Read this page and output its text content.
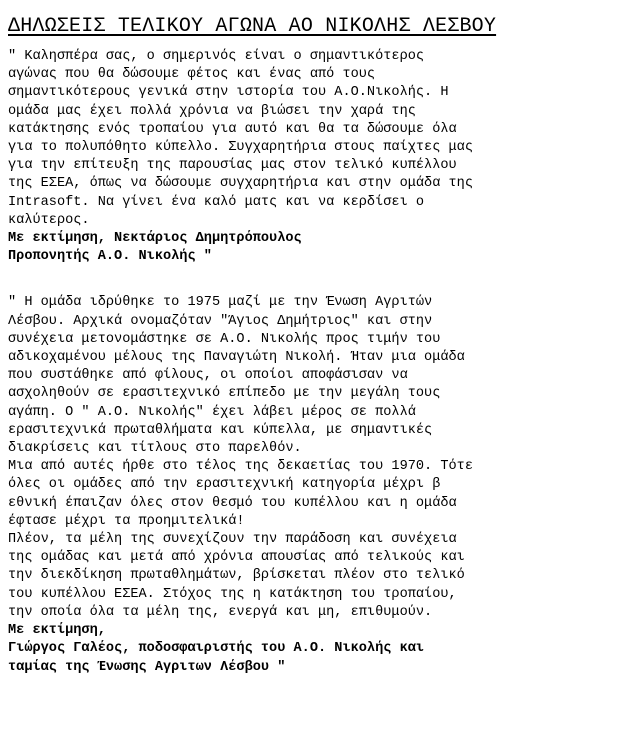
ΔΗΛΩΣΕΙΣ ΤΕΛΙΚΟΥ ΑΓΩΝΑ ΑΟ ΝΙΚΟΛΗΣ ΛΕΣΒΟΥ

" Καλησπέρα σας, ο σημερινός είναι ο σημαντικότερος
αγώνας που θα δώσουμε φέτος και ένας από τους
σημαντικότερους γενικά στην ιστορία του Α.Ο.Νικολής. Η
ομάδα μας έχει πολλά χρόνια να βιώσει την χαρά της
κατάκτησης ενός τροπαίου για αυτό και θα τα δώσουμε όλα
για το πολυπόθητο κύπελλο. Συγχαρητήρια στους παίχτες μας
για την επίτευξη της παρουσίας μας στον τελικό κυπέλλου
της ΕΣΕΑ, όπως να δώσουμε συγχαρητήρια και στην ομάδα της
Intrasoft. Να γίνει ένα καλό ματς και να κερδίσει ο
καλύτερος.

Με εκτίμηση, Νεκτάριος Δημητρόπουλος
Προπονητής Α.Ο. Νικολής "

" Η ομάδα ιδρύθηκε το 1975 μαζί με την Ένωση Αγριτών
Λέσβου. Αρχικά ονομαζόταν "Άγιος Δημήτριος" και στην
συνέχεια μετονομάστηκε σε Α.Ο. Νικολής προς τιμήν του
αδικοχαμένου μέλους της Παναγιώτη Νικολή. Ήταν μια ομάδα
που συστάθηκε από φίλους, οι οποίοι αποφάσισαν να
ασχοληθούν σε ερασιτεχνικό επίπεδο με την μεγάλη τους
αγάπη. Ο " Α.Ο. Νικολής" έχει λάβει μέρος σε πολλά
ερασιτεχνικά πρωταθλήματα και κύπελλα, με σημαντικές
διακρίσεις και τίτλους στο παρελθόν.
Μια από αυτές ήρθε στο τέλος της δεκαετίας του 1970. Τότε
όλες οι ομάδες από την ερασιτεχνική κατηγορία μέχρι β
εθνική έπαιζαν όλες στον θεσμό του κυπέλλου και η ομάδα
έφτασε μέχρι τα προημιτελικά!
Πλέον, τα μέλη της συνεχίζουν την παράδοση και συνέχεια
της ομάδας και μετά από χρόνια απουσίας από τελικούς και
την διεκδίκηση πρωταθλημάτων, βρίσκεται πλέον στο τελικό
του κυπέλλου ΕΣΕΑ. Στόχος της η κατάκτηση του τροπαίου,
την οποία όλα τα μέλη της, ενεργά και μη, επιθυμούν.

Με εκτίμηση,
Γιώργος Γαλέος, ποδοσφαιριστής του Α.Ο. Νικολής και
ταμίας της Ένωσης Αγριτων Λέσβου "
